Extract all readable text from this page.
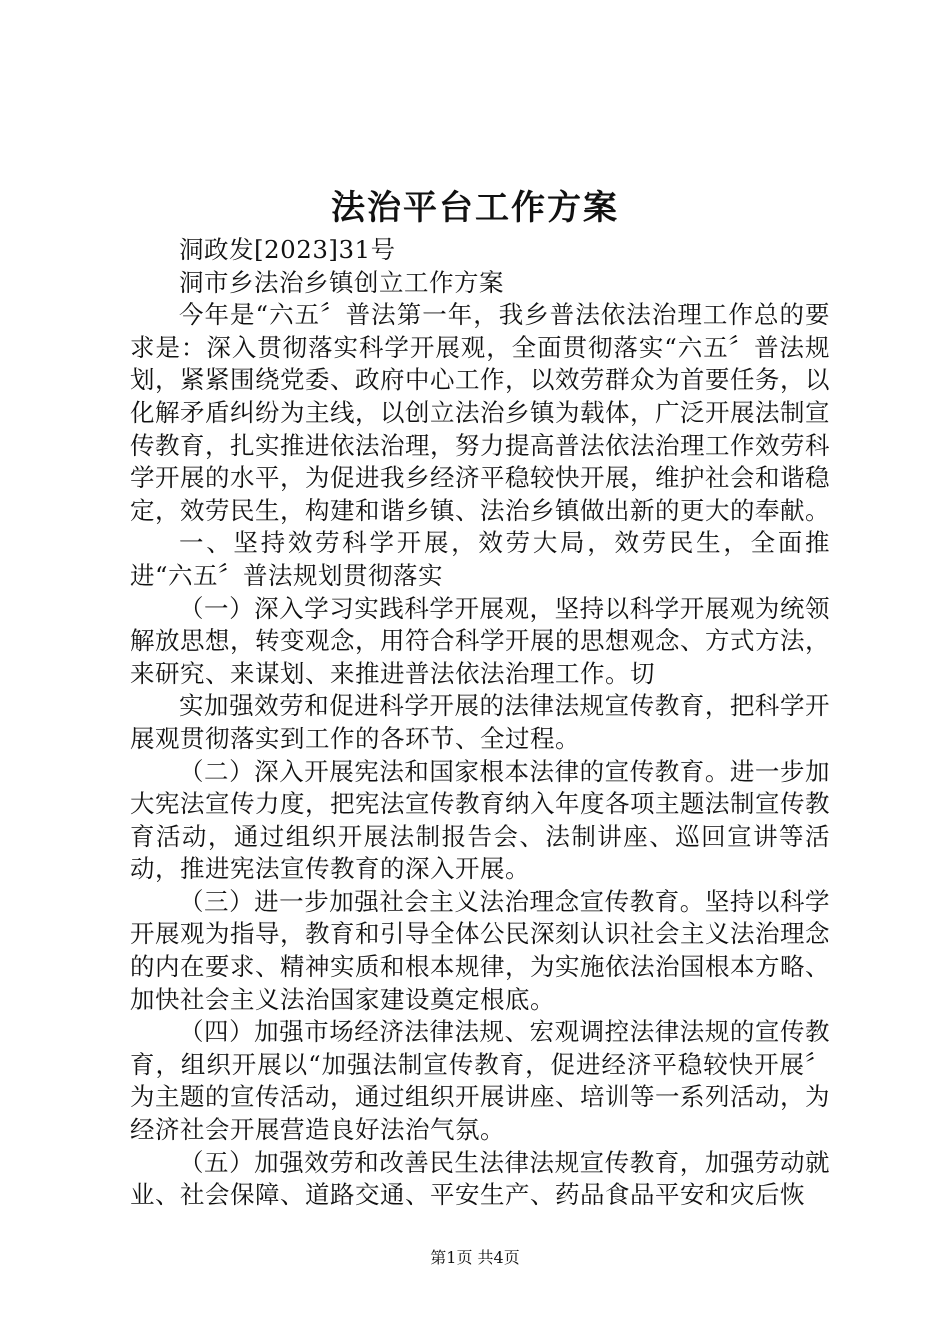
法治平台工作方案

洞政发[2023]31号

洞市乡法治乡镇创立工作方案

今年是“六五〞普法第一年，我乡普法依法治理工作总的要求是：深入贯彻落实科学开展观，全面贯彻落实“六五〞普法规划，紧紧围绕党委、政府中心工作，以效劳群众为首要任务，以化解矛盾纠纷为主线，以创立法治乡镇为载体，广泛开展法制宣传教育，扎实推进依法治理，努力提高普法依法治理工作效劳科学开展的水平，为促进我乡经济平稳较快开展，维护社会和谐稳定，效劳民生，构建和谐乡镇、法治乡镇做出新的更大的奉献。

一、坚持效劳科学开展，效劳大局，效劳民生，全面推进“六五〞普法规划贯彻落实

（一）深入学习实践科学开展观，坚持以科学开展观为统领解放思想，转变观念，用符合科学开展的思想观念、方式方法，来研究、来谋划、来推进普法依法治理工作。切

实加强效劳和促进科学开展的法律法规宣传教育，把科学开展观贯彻落实到工作的各环节、全过程。

（二）深入开展宪法和国家根本法律的宣传教育。进一步加大宪法宣传力度，把宪法宣传教育纳入年度各项主题法制宣传教育活动，通过组织开展法制报告会、法制讲座、巡回宣讲等活动，推进宪法宣传教育的深入开展。

（三）进一步加强社会主义法治理念宣传教育。坚持以科学开展观为指导，教育和引导全体公民深刻认识社会主义法治理念的内在要求、精神实质和根本规律，为实施依法治国根本方略、加快社会主义法治国家建设奠定根底。

（四）加强市场经济法律法规、宏观调控法律法规的宣传教育，组织开展以“加强法制宣传教育，促进经济平稳较快开展〞为主题的宣传活动，通过组织开展讲座、培训等一系列活动，为经济社会开展营造良好法治气氛。

（五）加强效劳和改善民生法律法规宣传教育，加强劳动就业、社会保障、道路交通、平安生产、药品食品平安和灾后恢

第1页 共4页
